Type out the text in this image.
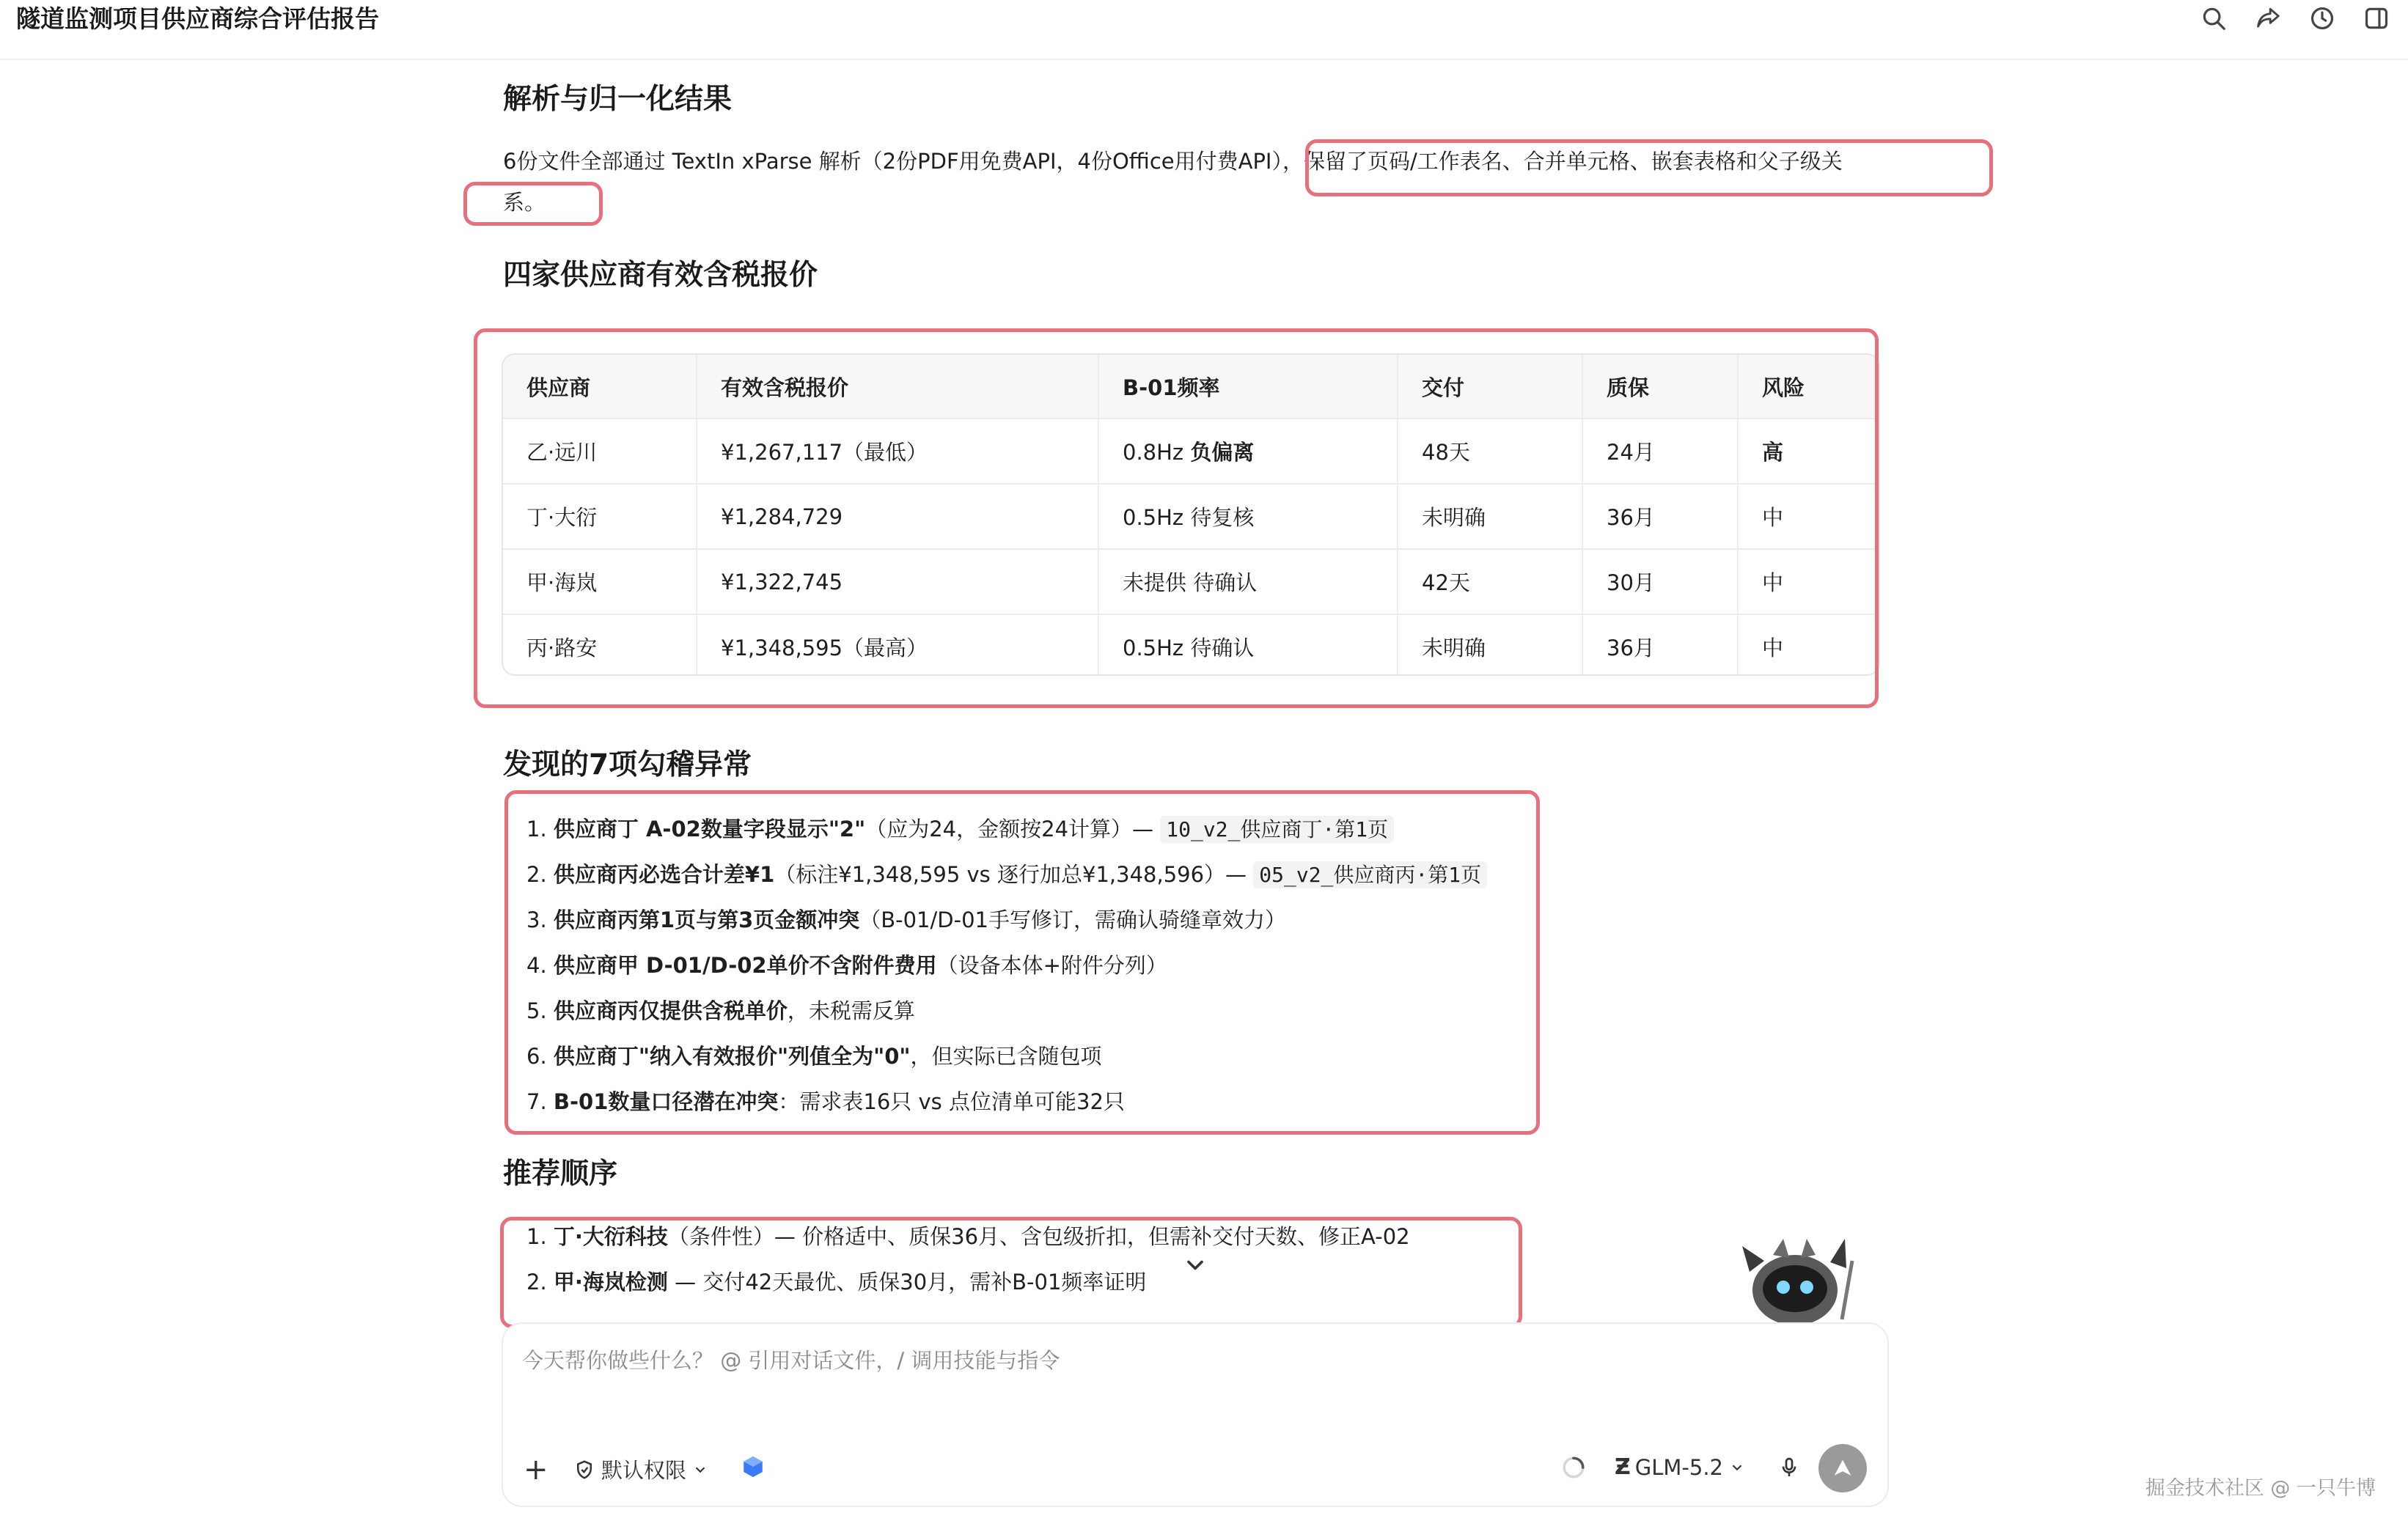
隧道监测项目供应商综合评估报告
解析与归一化结果
6份文件全部通过 TextIn xParse 解析（2份PDF用免费API，4份Office用付费API），保留了页码/工作表名、合并单元格、嵌套表格和父子级关
系。
四家供应商有效含税报价
供应商	有效含税报价	B-01频率	交付	质保	风险
乙·远川	¥1,267,117（最低）	0.8Hz 负偏离	48天	24月	高
丁·大衍	¥1,284,729	0.5Hz 待复核	未明确	36月	中
甲·海岚	¥1,322,745	未提供 待确认	42天	30月	中
丙·路安	¥1,348,595（最高）	0.5Hz 待确认	未明确	36月	中
发现的7项勾稽异常
1. 供应商丁 A-02数量字段显示"2"（应为24，金额按24计算）— 10_v2_供应商丁·第1页
2. 供应商丙必选合计差¥1（标注¥1,348,595 vs 逐行加总¥1,348,596）— 05_v2_供应商丙·第1页
3. 供应商丙第1页与第3页金额冲突（B-01/D-01手写修订，需确认骑缝章效力）
4. 供应商甲 D-01/D-02单价不含附件费用（设备本体+附件分列）
5. 供应商丙仅提供含税单价，未税需反算
6. 供应商丁"纳入有效报价"列值全为"0"，但实际已含随包项
7. B-01数量口径潜在冲突：需求表16只 vs 点位清单可能32只
推荐顺序
1. 丁·大衍科技（条件性）— 价格适中、质保36月、含包级折扣，但需补交付天数、修正A-02
2. 甲·海岚检测 — 交付42天最优、质保30月，需补B-01频率证明
今天帮你做些什么？ @ 引用对话文件，/ 调用技能与指令
+ 默认权限	Ƶ GLM-5.2
掘金技术社区 @ 一只牛博
